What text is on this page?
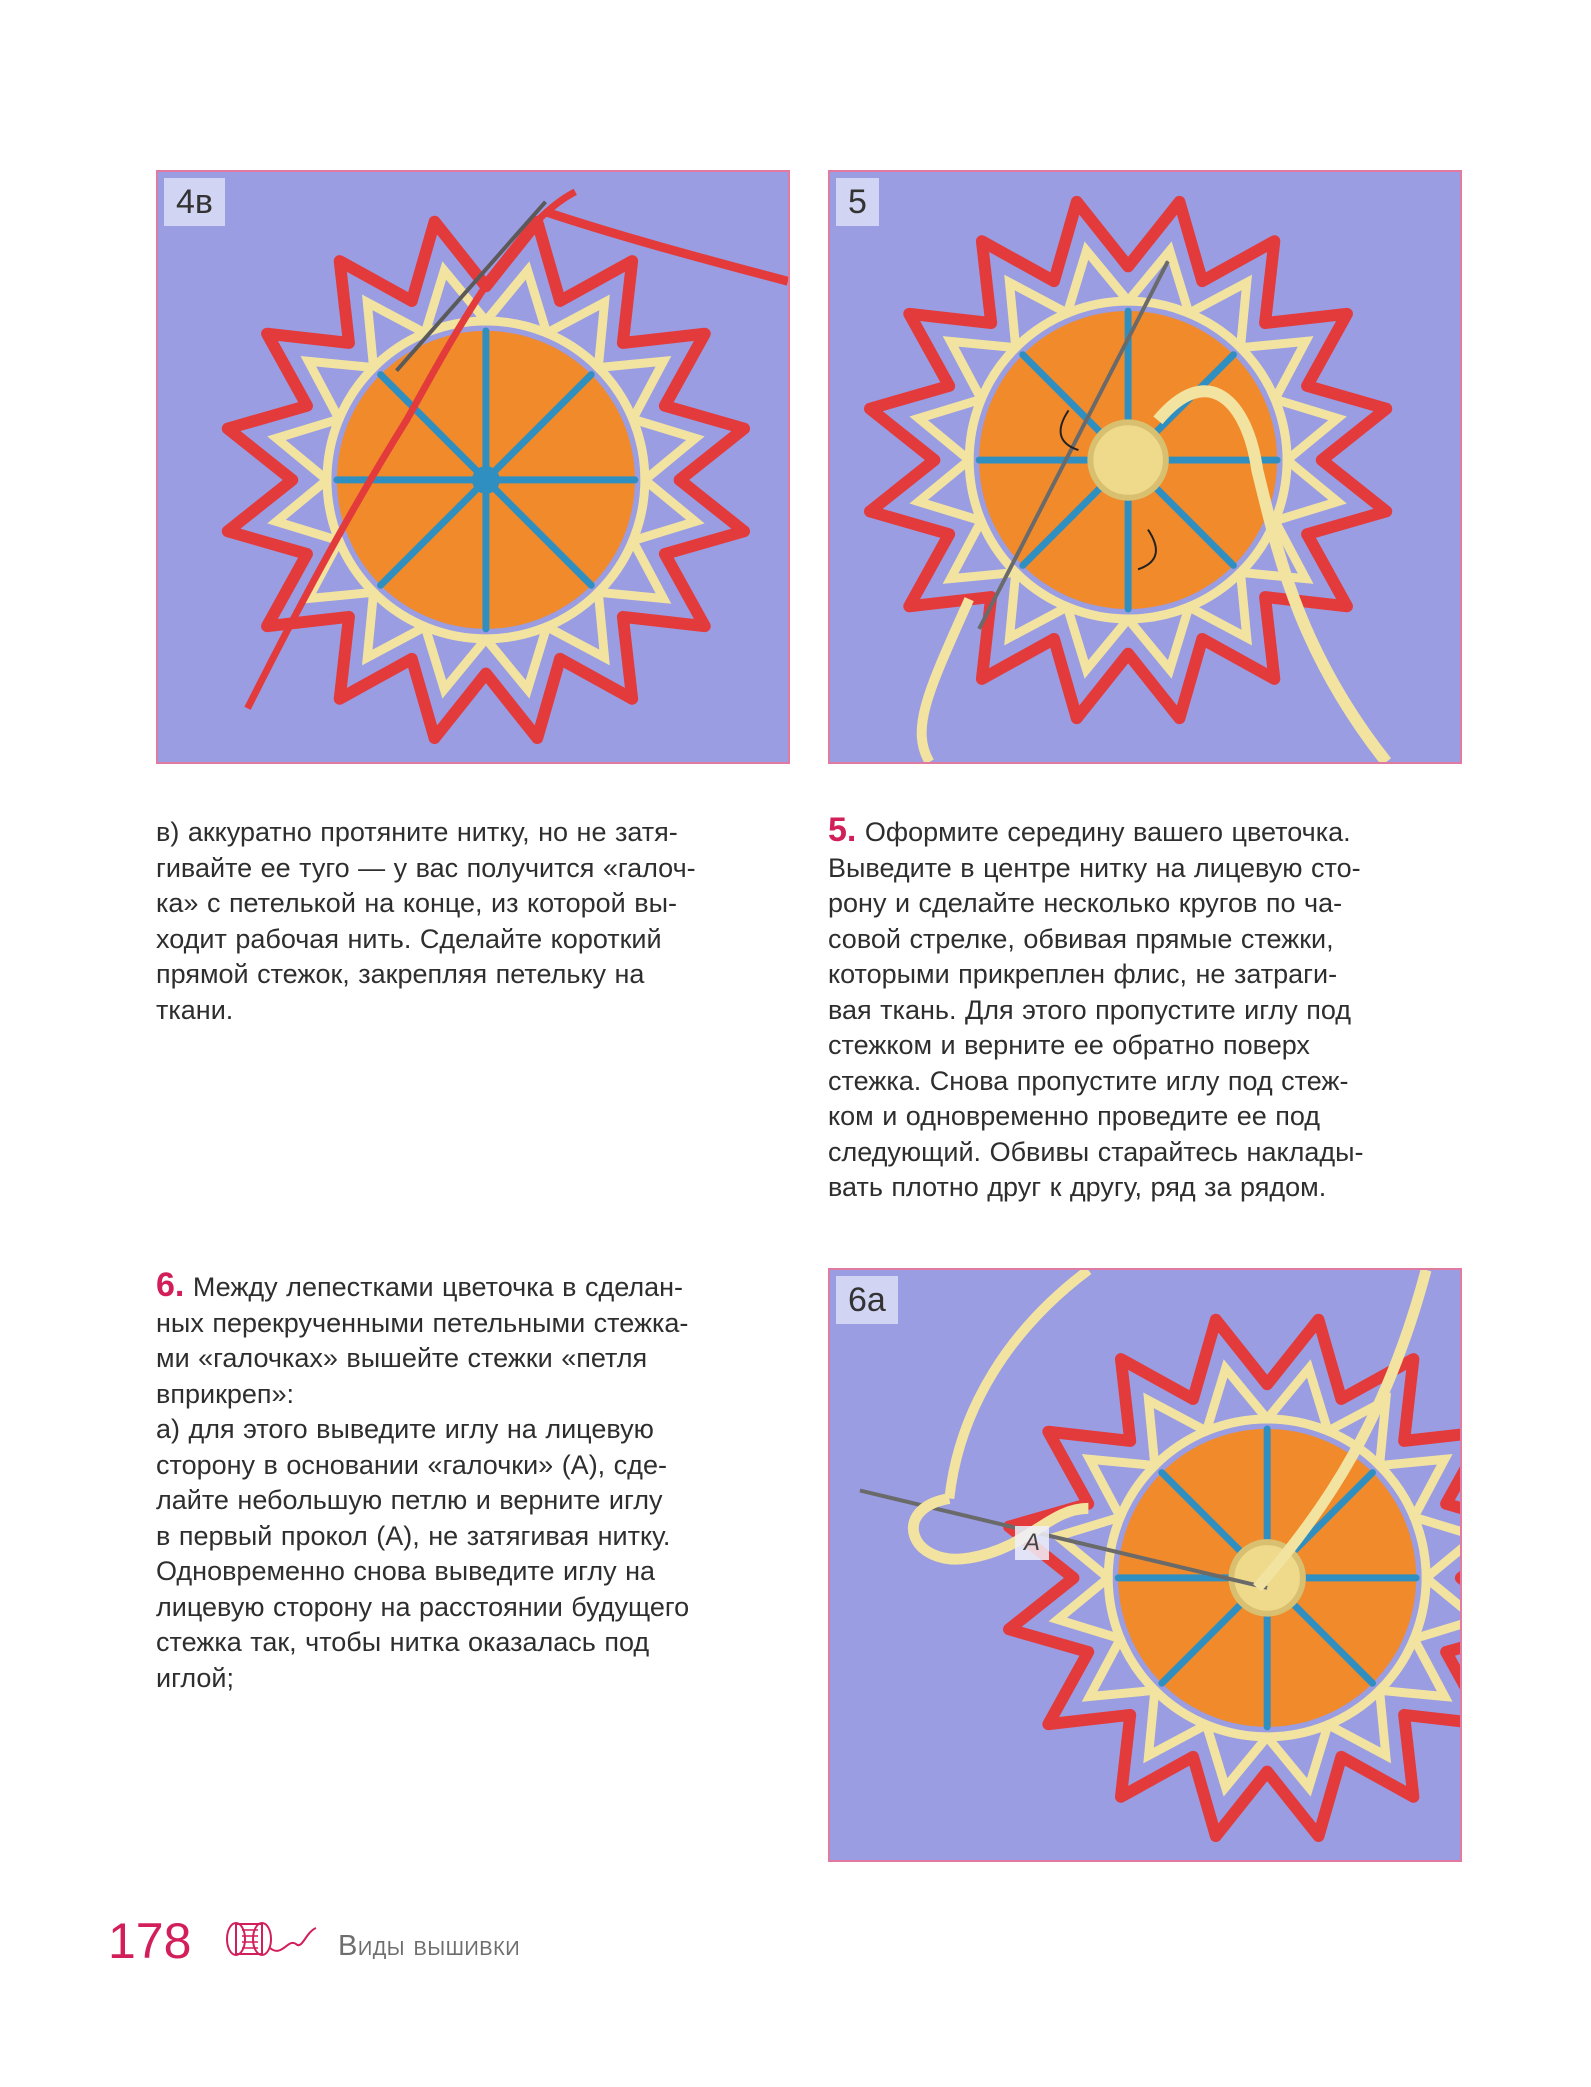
4в	5
в) аккуратно протяните нитку, но не затя-
гивайте ее туго — у вас получится «галоч-
ка» с петелькой на конце, из которой вы-
ходит рабочая нить. Сделайте короткий
прямой стежок, закрепляя петельку на
ткани.
5. Оформите середину вашего цветочка.
Выведите в центре нитку на лицевую сто-
рону и сделайте несколько кругов по ча-
совой стрелке, обвивая прямые стежки,
которыми прикреплен флис, не затраги-
вая ткань. Для этого пропустите иглу под
стежком и верните ее обратно поверх
стежка. Снова пропустите иглу под стеж-
ком и одновременно проведите ее под
следующий. Обвивы старайтесь наклады-
вать плотно друг к другу, ряд за рядом.
6. Между лепестками цветочка в сделан-
ных перекрученными петельными стежка-
ми «галочках» вышейте стежки «петля
вприкреп»:
а) для этого выведите иглу на лицевую
сторону в основании «галочки» (А), сде-
лайте небольшую петлю и верните иглу
в первый прокол (А), не затягивая нитку.
Одновременно снова выведите иглу на
лицевую сторону на расстоянии будущего
стежка так, чтобы нитка оказалась под
иглой;
6а
A
178	Виды вышивки
